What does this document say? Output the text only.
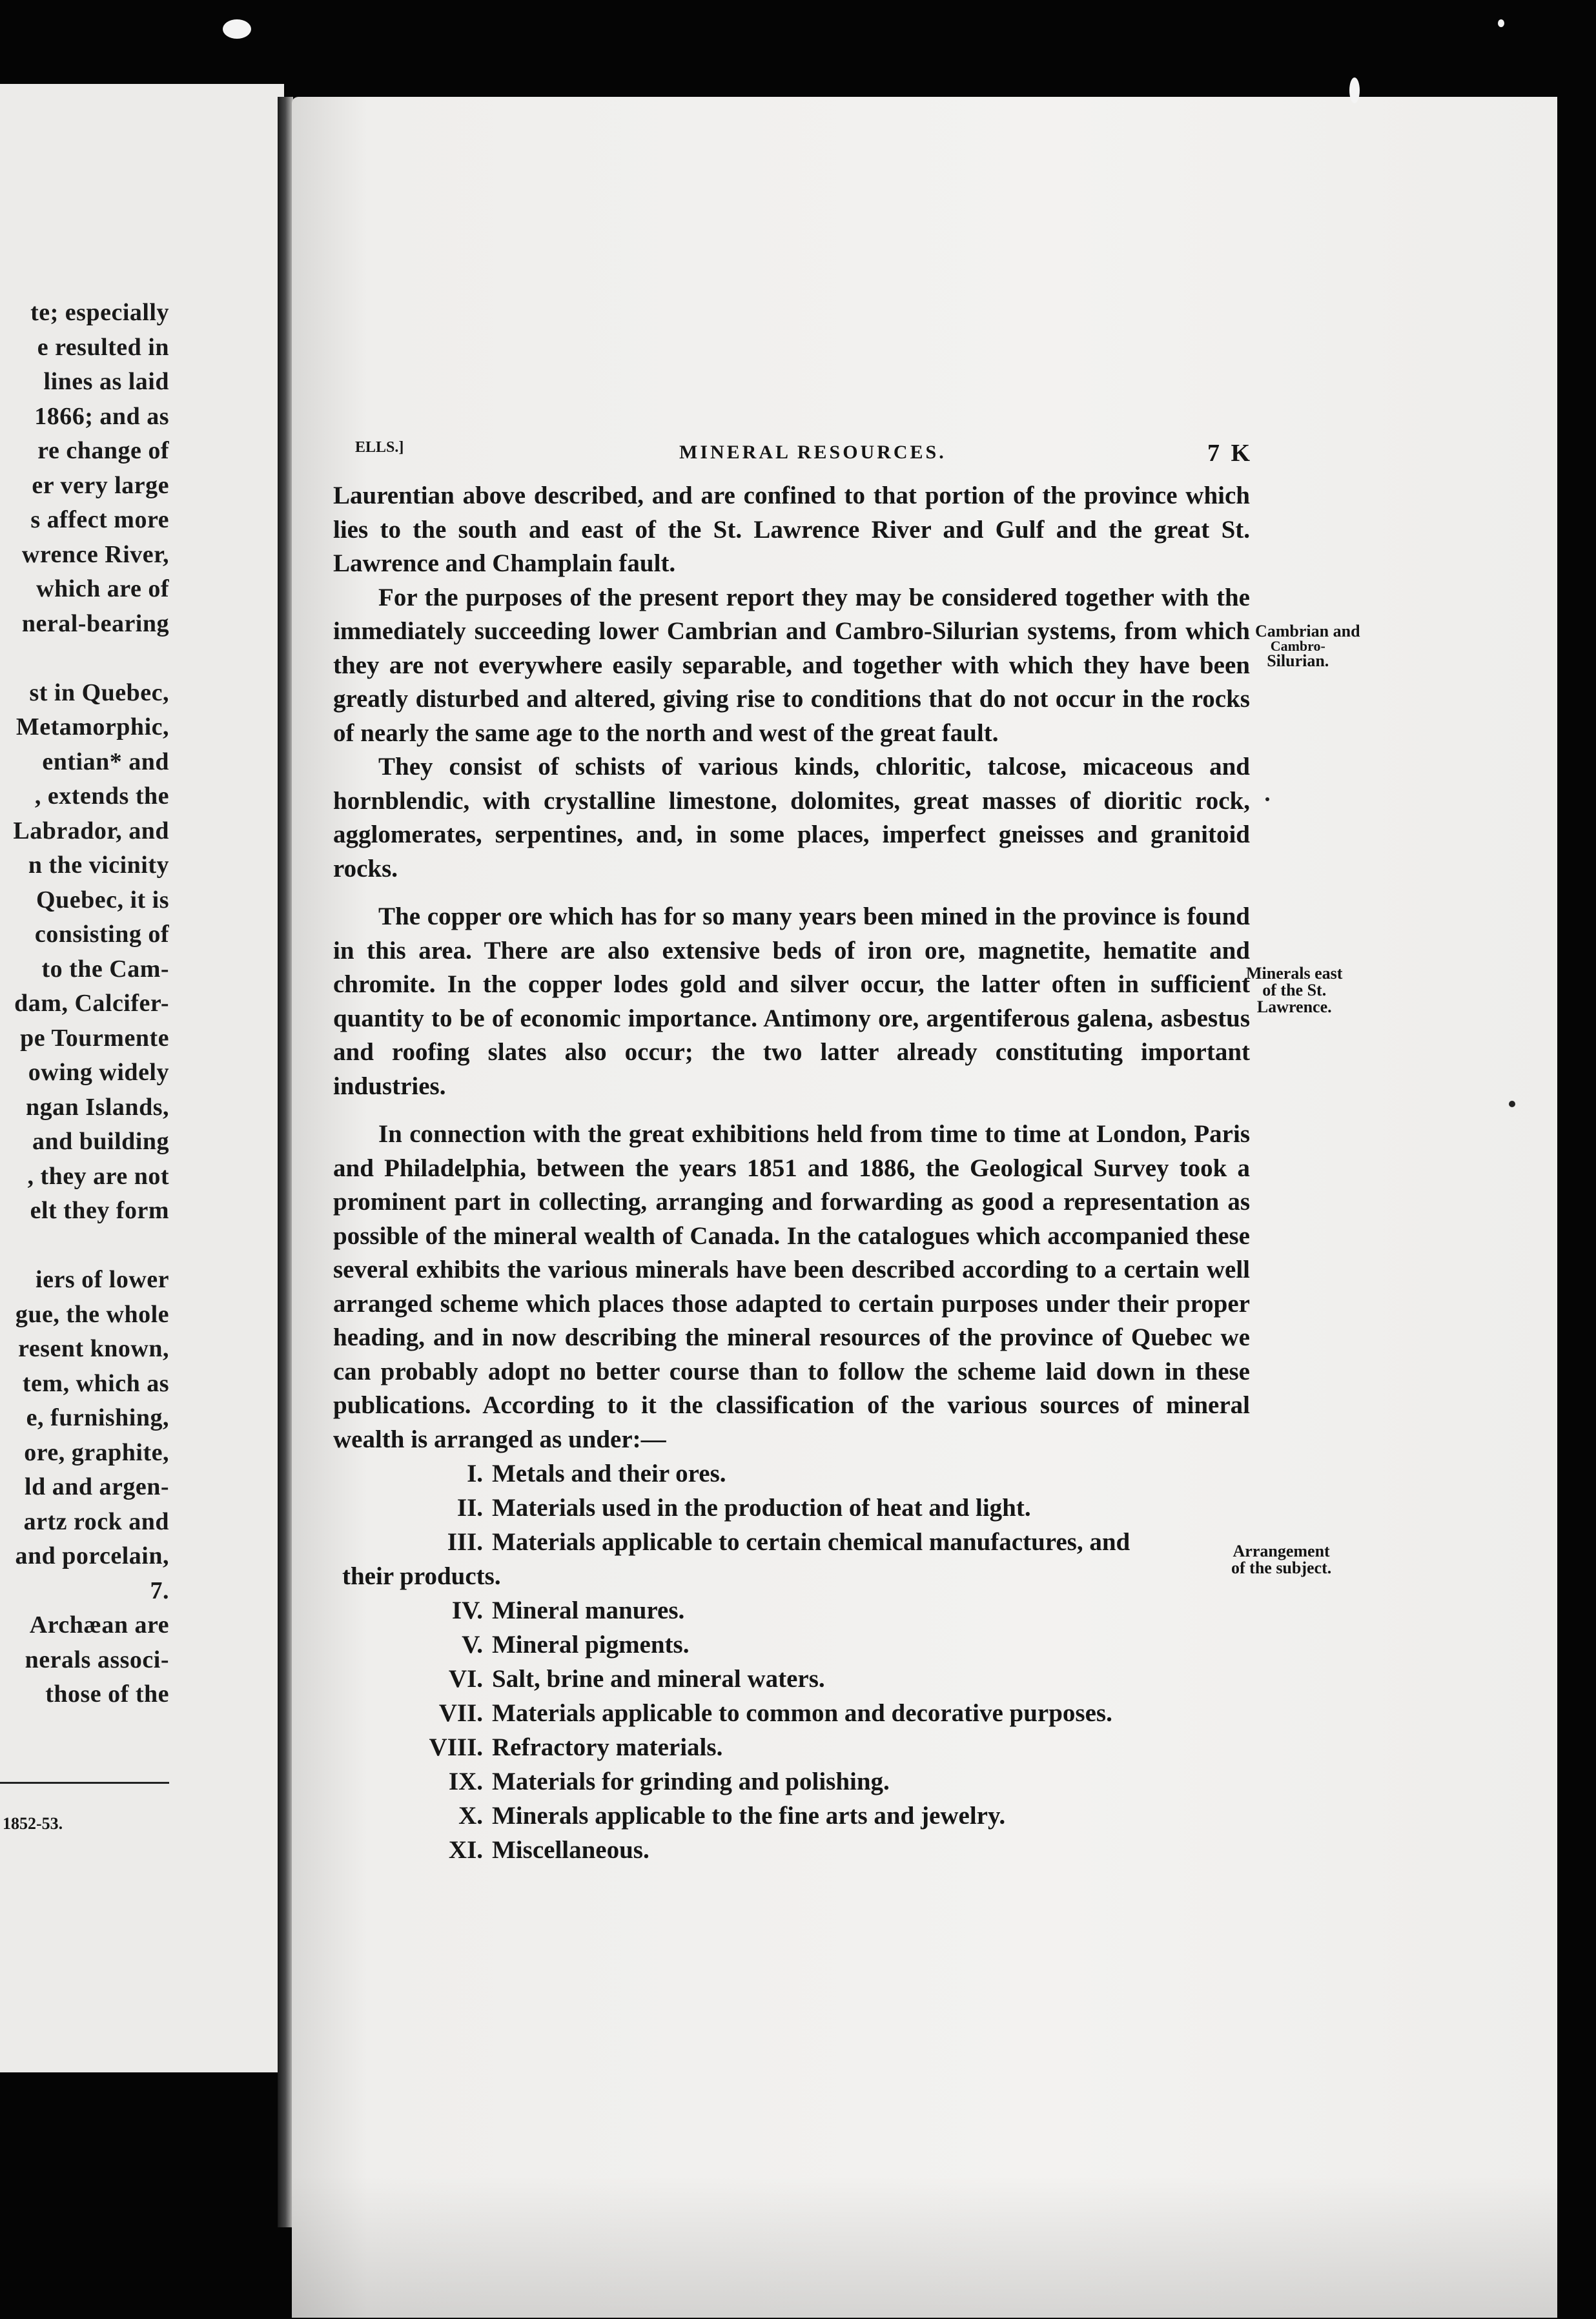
1852-53.
te; especially
e resulted in
lines as laid
1866; and as
re change of
er very large
s affect more
wrence River,
which are of
neral-bearing
st in Quebec,
Metamorphic,
entian* and
, extends the
Labrador, and
n the vicinity
Quebec, it is
consisting of
to the Cam-
dam, Calcifer-
pe Tourmente
owing widely
ngan Islands,
and building
, they are not
elt they form
iers of lower
gue, the whole
resent known,
tem, which as
e, furnishing,
ore, graphite,
ld and argen-
artz rock and
and porcelain,
7.
Archæan are
nerals associ-
those of the
ELLS.]	MINERAL RESOURCES.	7 K

Laurentian above described, and are confined to that portion of the province which lies to the south and east of the St. Lawrence River and Gulf and the great St. Lawrence and Champlain fault.

For the purposes of the present report they may be considered together with the immediately succeeding lower Cambrian and Cambro-Silurian systems, from which they are not everywhere easily separable, and together with which they have been greatly disturbed and altered, giving rise to conditions that do not occur in the rocks of nearly the same age to the north and west of the great fault.

They consist of schists of various kinds, chloritic, talcose, micaceous and hornblendic, with crystalline limestone, dolomites, great masses of dioritic rock, agglomerates, serpentines, and, in some places, imperfect gneisses and granitoid rocks.

The copper ore which has for so many years been mined in the province is found in this area. There are also extensive beds of iron ore, magnetite, hematite and chromite. In the copper lodes gold and silver occur, the latter often in sufficient quantity to be of economic importance. Antimony ore, argentiferous galena, asbestus and roofing slates also occur; the two latter already constituting important industries.

In connection with the great exhibitions held from time to time at London, Paris and Philadelphia, between the years 1851 and 1886, the Geological Survey took a prominent part in collecting, arranging and forwarding as good a representation as possible of the mineral wealth of Canada. In the catalogues which accompanied these several exhibits the various minerals have been described according to a certain well arranged scheme which places those adapted to certain purposes under their proper heading, and in now describing the mineral resources of the province of Quebec we can probably adopt no better course than to follow the scheme laid down in these publications. According to it the classification of the various sources of mineral wealth is arranged as under:—

I. Metals and their ores.
II. Materials used in the production of heat and light.
III. Materials applicable to certain chemical manufactures, and
their products.
IV. Mineral manures.
V. Mineral pigments.
VI. Salt, brine and mineral waters.
VII. Materials applicable to common and decorative purposes.
VIII. Refractory materials.
IX. Materials for grinding and polishing.
X. Minerals applicable to the fine arts and jewelry.
XI. Miscellaneous.
Cambrian and
Cambro-
Silurian.
Minerals east
of the St.
Lawrence.
Arrangement
of the subject.
